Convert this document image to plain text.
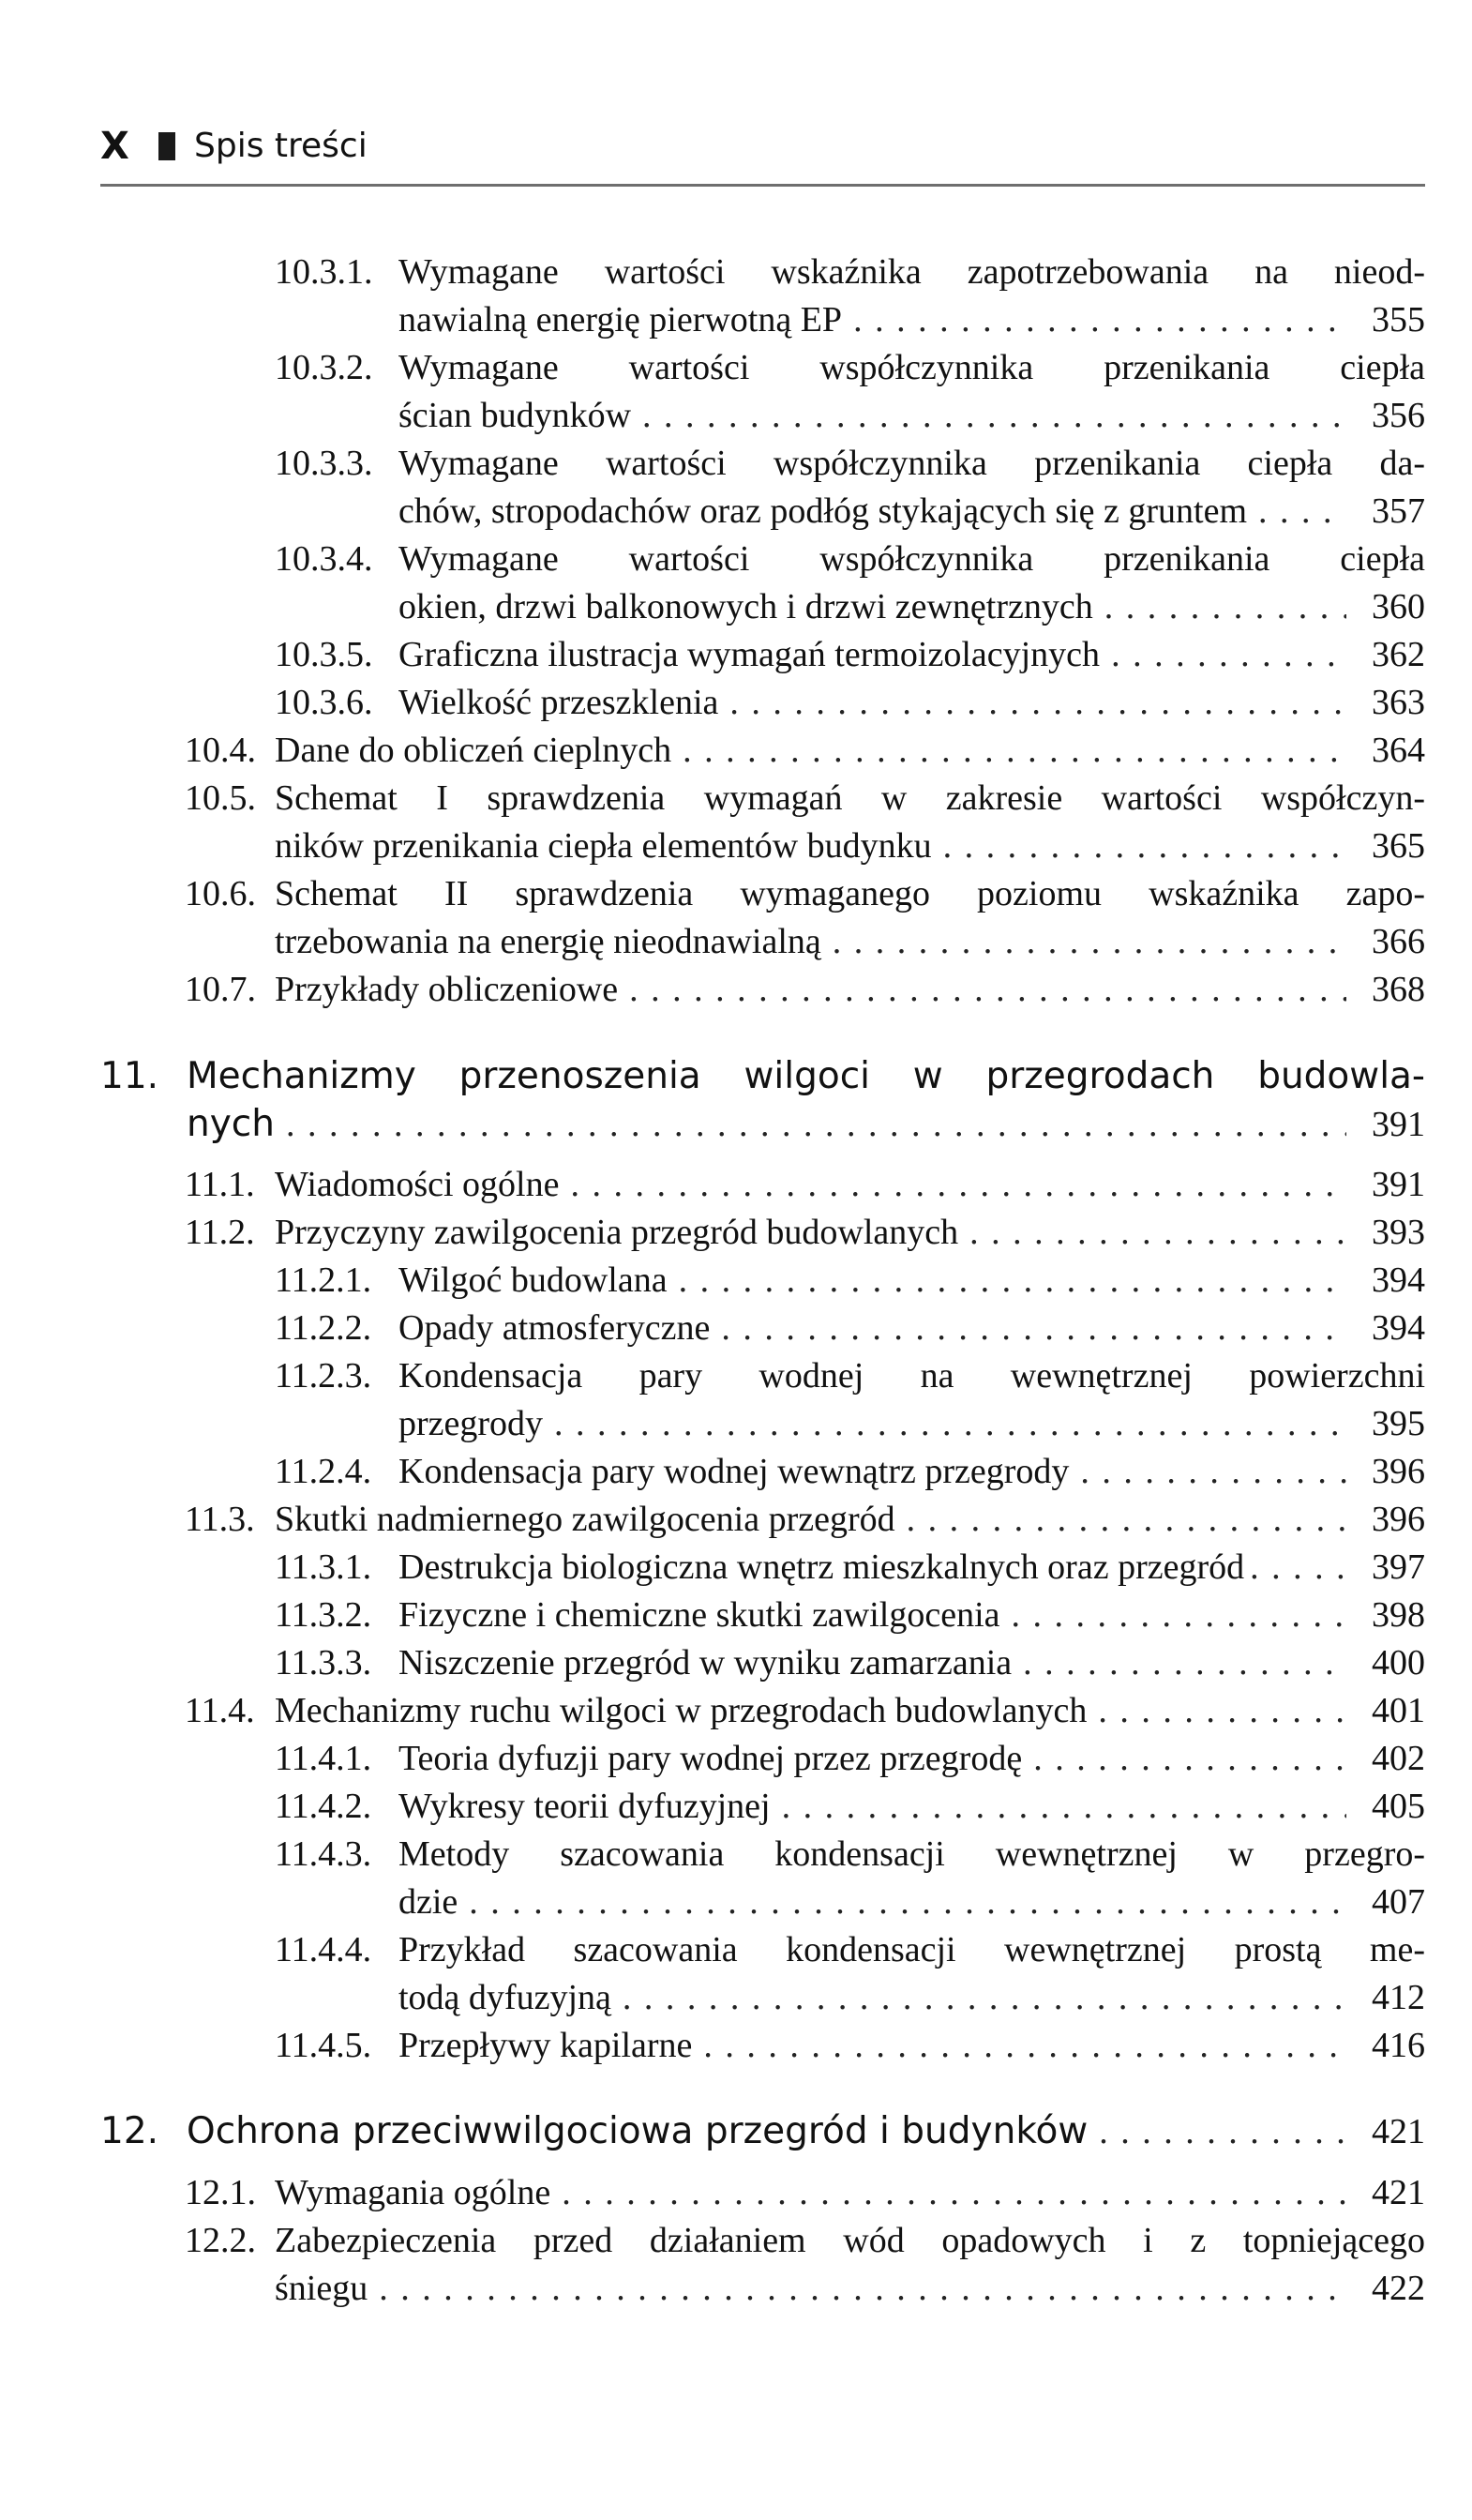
X Spis treści
10.3.1. Wymagane wartości wskaźnika zapotrzebowania na nieod-
nawialną energię pierwotną EP . . .	355
10.3.2. Wymagane wartości współczynnika przenikania ciepła
ścian budynków . . .	356
10.3.3. Wymagane wartości współczynnika przenikania ciepła da-
chów, stropodachów oraz podłóg stykających się z gruntem . . .	357
10.3.4. Wymagane wartości współczynnika przenikania ciepła
okien, drzwi balkonowych i drzwi zewnętrznych . . .	360
10.3.5. Graficzna ilustracja wymagań termoizolacyjnych . . .	362
10.3.6. Wielkość przeszklenia . . .	363
10.4. Dane do obliczeń cieplnych . . .	364
10.5. Schemat I sprawdzenia wymagań w zakresie wartości współczyn-
ników przenikania ciepła elementów budynku . . .	365
10.6. Schemat II sprawdzenia wymaganego poziomu wskaźnika zapo-
trzebowania na energię nieodnawialną . . .	366
10.7. Przykłady obliczeniowe . . .	368
11. Mechanizmy przenoszenia wilgoci w przegrodach budowla-
nych . . .	391
11.1. Wiadomości ogólne . . .	391
11.2. Przyczyny zawilgocenia przegród budowlanych . . .	393
11.2.1. Wilgoć budowlana . . .	394
11.2.2. Opady atmosferyczne . . .	394
11.2.3. Kondensacja pary wodnej na wewnętrznej powierzchni
przegrody . . .	395
11.2.4. Kondensacja pary wodnej wewnątrz przegrody . . .	396
11.3. Skutki nadmiernego zawilgocenia przegród . . .	396
11.3.1. Destrukcja biologiczna wnętrz mieszkalnych oraz przegród . . .	397
11.3.2. Fizyczne i chemiczne skutki zawilgocenia . . .	398
11.3.3. Niszczenie przegród w wyniku zamarzania . . .	400
11.4. Mechanizmy ruchu wilgoci w przegrodach budowlanych . . .	401
11.4.1. Teoria dyfuzji pary wodnej przez przegrodę . . .	402
11.4.2. Wykresy teorii dyfuzyjnej . . .	405
11.4.3. Metody szacowania kondensacji wewnętrznej w przegro-
dzie . . .	407
11.4.4. Przykład szacowania kondensacji wewnętrznej prostą me-
todą dyfuzyjną . . .	412
11.4.5. Przepływy kapilarne . . .	416
12. Ochrona przeciwwilgociowa przegród i budynków . . .	421
12.1. Wymagania ogólne . . .	421
12.2. Zabezpieczenia przed działaniem wód opadowych i z topniejącego
śniegu . . .	422
